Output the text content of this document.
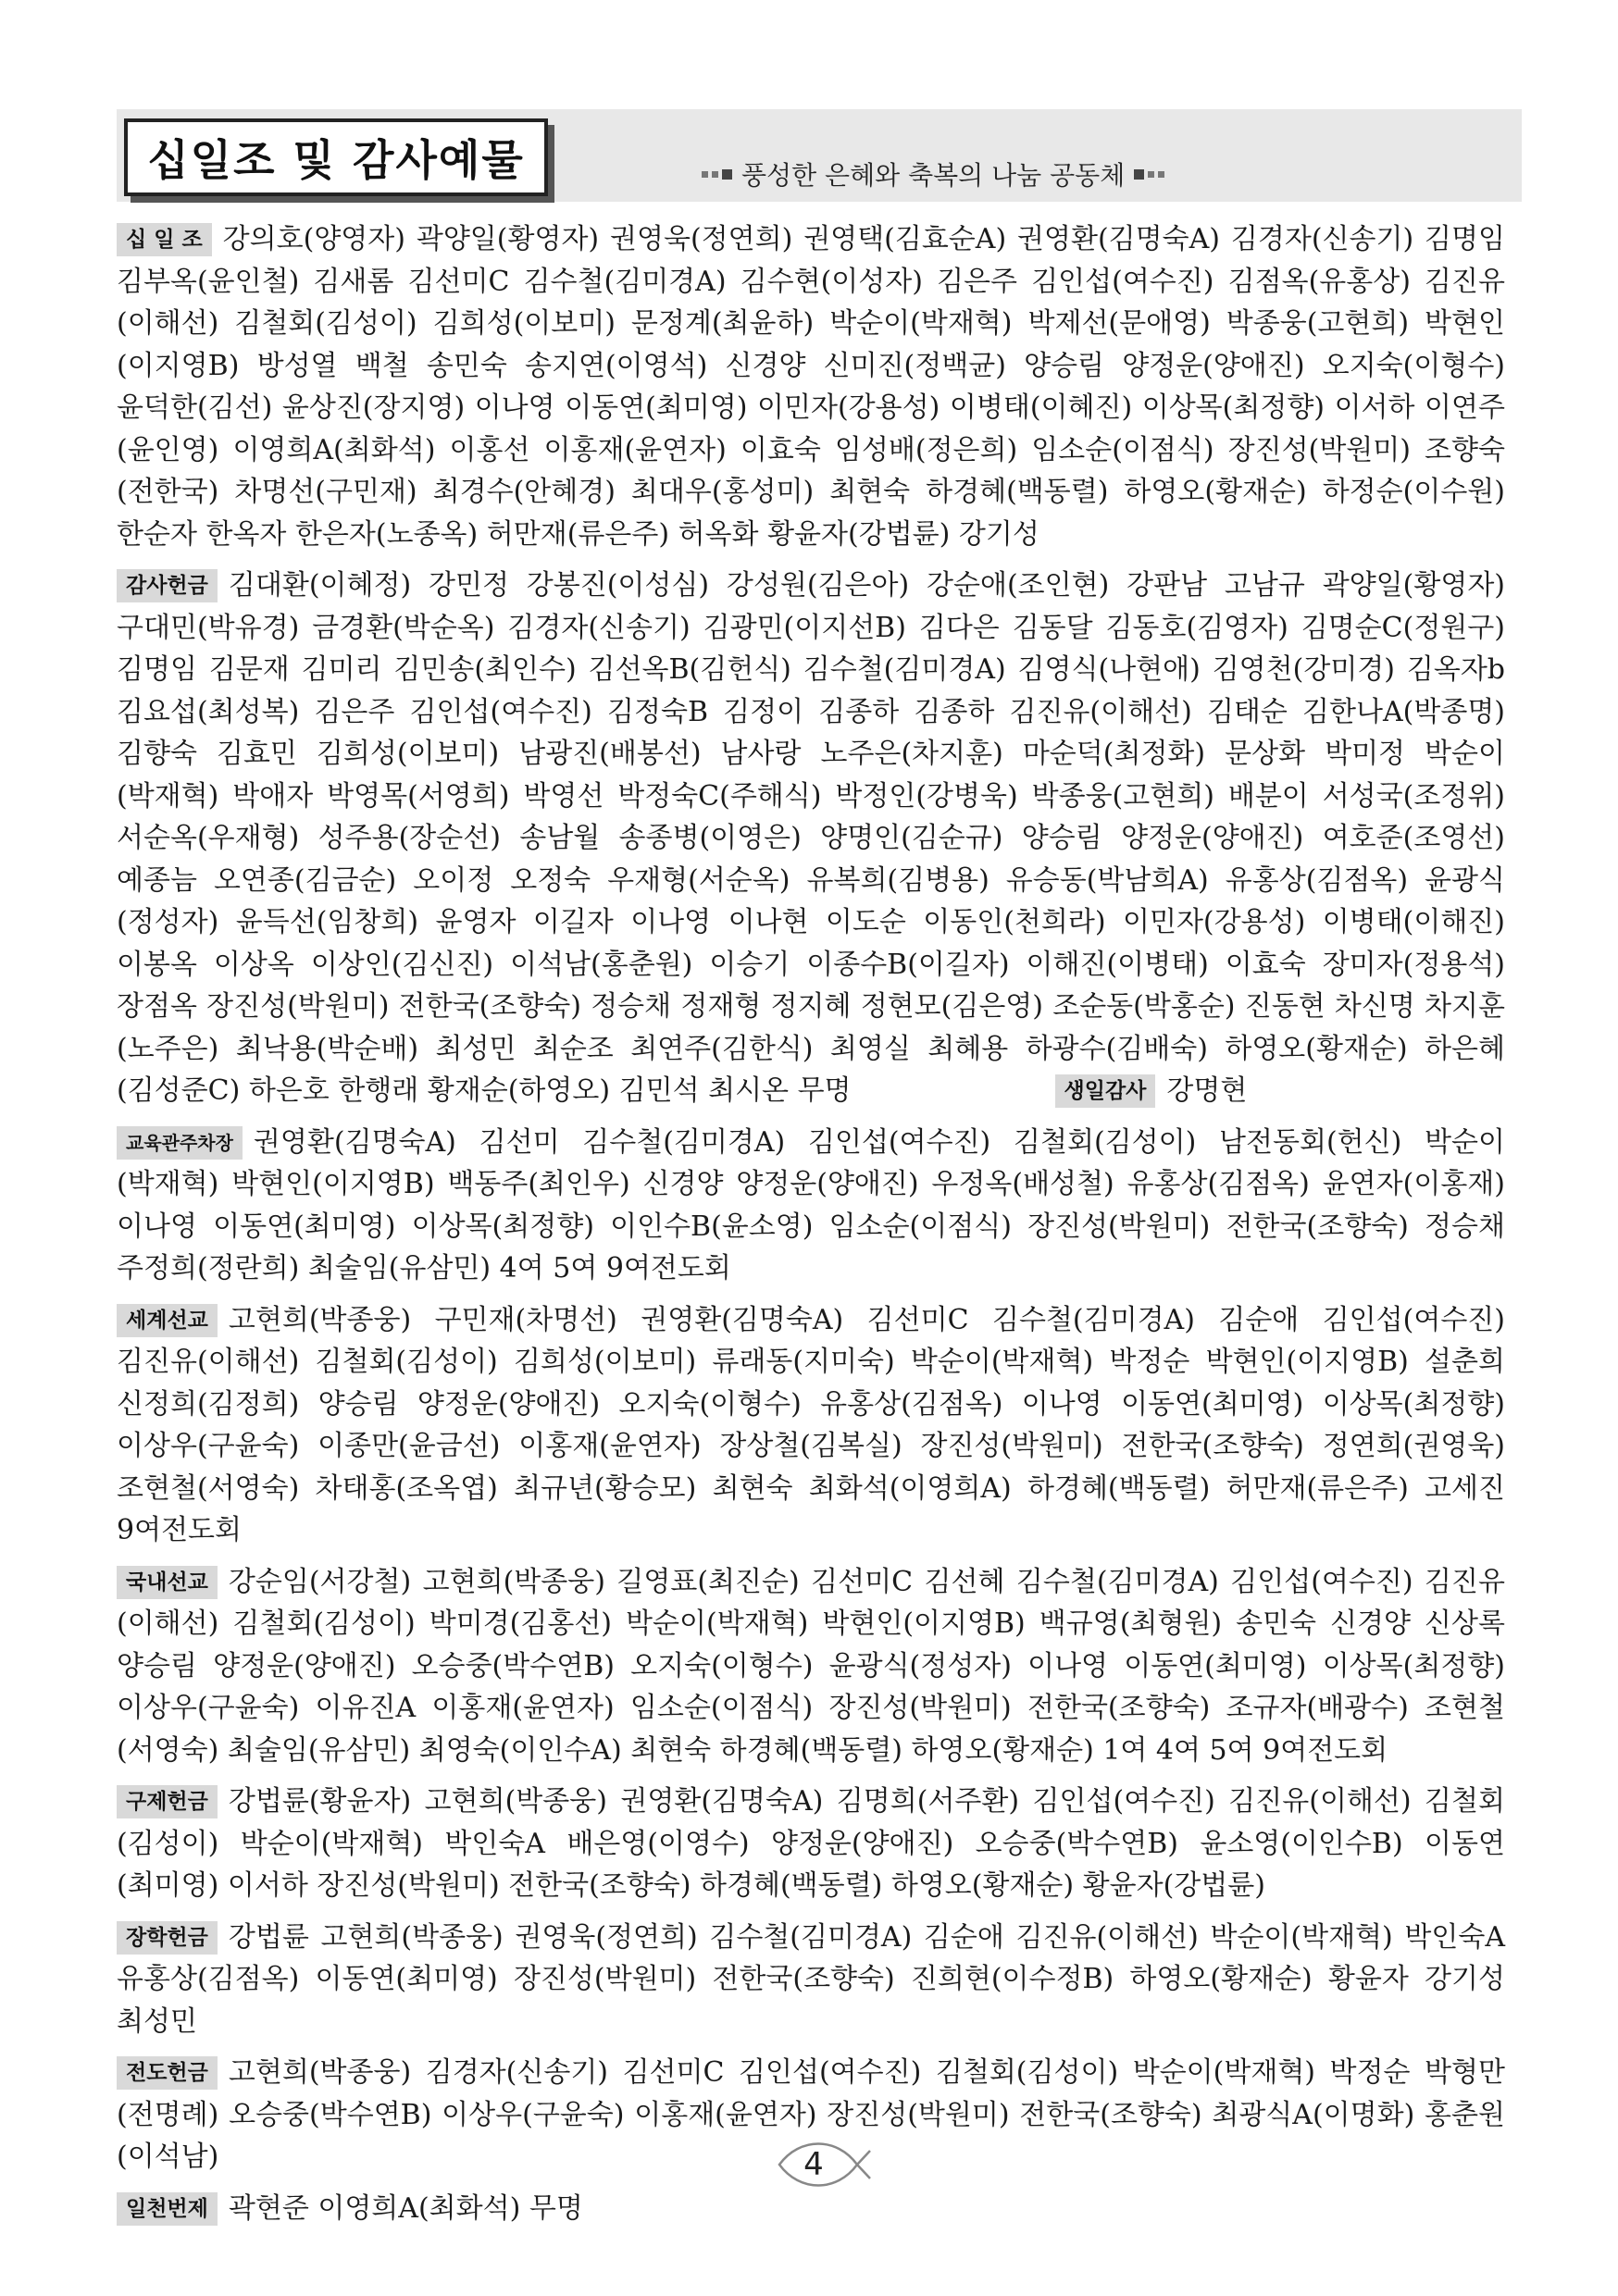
십일조 및 감사예물	풍성한 은혜와 축복의 나눔 공동체
십 일 조 강의호(양영자) 곽양일(황영자) 권영욱(정연희) 권영택(김효순A) 권영환(김명숙A) 김경자(신송기) 김명임 김부옥(윤인철) 김새롬 김선미C 김수철(김미경A) 김수현(이성자) 김은주 김인섭(여수진) 김점옥(유홍상) 김진유(이해선) 김철회(김성이) 김희성(이보미) 문정계(최윤하) 박순이(박재혁) 박제선(문애영) 박종웅(고현희) 박현인(이지영B) 방성열 백철 송민숙 송지연(이영석) 신경양 신미진(정백균) 양승림 양정운(양애진) 오지숙(이형수) 윤덕한(김선) 윤상진(장지영) 이나영 이동연(최미영) 이민자(강용성) 이병태(이혜진) 이상목(최정향) 이서하 이연주(윤인영) 이영희A(최화석) 이홍선 이홍재(윤연자) 이효숙 임성배(정은희) 임소순(이점식) 장진성(박원미) 조향숙(전한국) 차명선(구민재) 최경수(안혜경) 최대우(홍성미) 최현숙 하경혜(백동렬) 하영오(황재순) 하정순(이수원) 한순자 한옥자 한은자(노종옥) 허만재(류은주) 허옥화 황윤자(강법륜) 강기성
감사헌금 김대환(이혜정) 강민정 강봉진(이성심) 강성원(김은아) 강순애(조인현) 강판남 고남규 곽양일(황영자) 구대민(박유경) 금경환(박순옥) 김경자(신송기) 김광민(이지선B) 김다은 김동달 김동호(김영자) 김명순C(정원구) 김명임 김문재 김미리 김민송(최인수) 김선옥B(김헌식) 김수철(김미경A) 김영식(나현애) 김영천(강미경) 김옥자b 김요섭(최성복) 김은주 김인섭(여수진) 김정숙B 김정이 김종하 김종하 김진유(이해선) 김태순 김한나A(박종명) 김향숙 김효민 김희성(이보미) 남광진(배봉선) 남사랑 노주은(차지훈) 마순덕(최정화) 문상화 박미정 박순이(박재혁) 박애자 박영목(서영희) 박영선 박정숙C(주해식) 박정인(강병욱) 박종웅(고현희) 배분이 서성국(조정위) 서순옥(우재형) 성주용(장순선) 송남월 송종병(이영은) 양명인(김순규) 양승림 양정운(양애진) 여호준(조영선) 예종늠 오연종(김금순) 오이정 오정숙 우재형(서순옥) 유복희(김병용) 유승동(박남희A) 유홍상(김점옥) 윤광식(정성자) 윤득선(임창희) 윤영자 이길자 이나영 이나현 이도순 이동인(천희라) 이민자(강용성) 이병태(이해진) 이봉옥 이상옥 이상인(김신진) 이석남(홍춘원) 이승기 이종수B(이길자) 이해진(이병태) 이효숙 장미자(정용석) 장점옥 장진성(박원미) 전한국(조향숙) 정승채 정재형 정지혜 정현모(김은영) 조순동(박홍순) 진동현 차신명 차지훈(노주은) 최낙용(박순배) 최성민 최순조 최연주(김한식) 최영실 최혜용 하광수(김배숙) 하영오(황재순) 하은혜(김성준C) 하은호 한행래 황재순(하영오) 김민석 최시온 무명	생일감사 강명현
교육관주차장 권영환(김명숙A) 김선미 김수철(김미경A) 김인섭(여수진) 김철회(김성이) 남전동회(헌신) 박순이(박재혁) 박현인(이지영B) 백동주(최인우) 신경양 양정운(양애진) 우정옥(배성철) 유홍상(김점옥) 윤연자(이홍재) 이나영 이동연(최미영) 이상목(최정향) 이인수B(윤소영) 임소순(이점식) 장진성(박원미) 전한국(조향숙) 정승채 주정희(정란희) 최술임(유삼민) 4여 5여 9여전도회
세계선교 고현희(박종웅) 구민재(차명선) 권영환(김명숙A) 김선미C 김수철(김미경A) 김순애 김인섭(여수진) 김진유(이해선) 김철회(김성이) 김희성(이보미) 류래동(지미숙) 박순이(박재혁) 박정순 박현인(이지영B) 설춘희 신정희(김정희) 양승림 양정운(양애진) 오지숙(이형수) 유홍상(김점옥) 이나영 이동연(최미영) 이상목(최정향) 이상우(구윤숙) 이종만(윤금선) 이홍재(윤연자) 장상철(김복실) 장진성(박원미) 전한국(조향숙) 정연희(권영욱) 조현철(서영숙) 차태홍(조옥엽) 최규년(황승모) 최현숙 최화석(이영희A) 하경혜(백동렬) 허만재(류은주) 고세진 9여전도회
국내선교 강순임(서강철) 고현희(박종웅) 길영표(최진순) 김선미C 김선혜 김수철(김미경A) 김인섭(여수진) 김진유(이해선) 김철회(김성이) 박미경(김홍선) 박순이(박재혁) 박현인(이지영B) 백규영(최형원) 송민숙 신경양 신상록 양승림 양정운(양애진) 오승중(박수연B) 오지숙(이형수) 윤광식(정성자) 이나영 이동연(최미영) 이상목(최정향) 이상우(구윤숙) 이유진A 이홍재(윤연자) 임소순(이점식) 장진성(박원미) 전한국(조향숙) 조규자(배광수) 조현철(서영숙) 최술임(유삼민) 최영숙(이인수A) 최현숙 하경혜(백동렬) 하영오(황재순) 1여 4여 5여 9여전도회
구제헌금 강법륜(황윤자) 고현희(박종웅) 권영환(김명숙A) 김명희(서주환) 김인섭(여수진) 김진유(이해선) 김철회(김성이) 박순이(박재혁) 박인숙A 배은영(이영수) 양정운(양애진) 오승중(박수연B) 윤소영(이인수B) 이동연(최미영) 이서하 장진성(박원미) 전한국(조향숙) 하경혜(백동렬) 하영오(황재순) 황윤자(강법륜)
장학헌금 강법륜 고현희(박종웅) 권영욱(정연희) 김수철(김미경A) 김순애 김진유(이해선) 박순이(박재혁) 박인숙A 유홍상(김점옥) 이동연(최미영) 장진성(박원미) 전한국(조향숙) 진희현(이수정B) 하영오(황재순) 황윤자 강기성 최성민
전도헌금 고현희(박종웅) 김경자(신송기) 김선미C 김인섭(여수진) 김철회(김성이) 박순이(박재혁) 박정순 박형만(전명례) 오승중(박수연B) 이상우(구윤숙) 이홍재(윤연자) 장진성(박원미) 전한국(조향숙) 최광식A(이명화) 홍춘원(이석남)
일천번제 곽현준 이영희A(최화석) 무명
4
